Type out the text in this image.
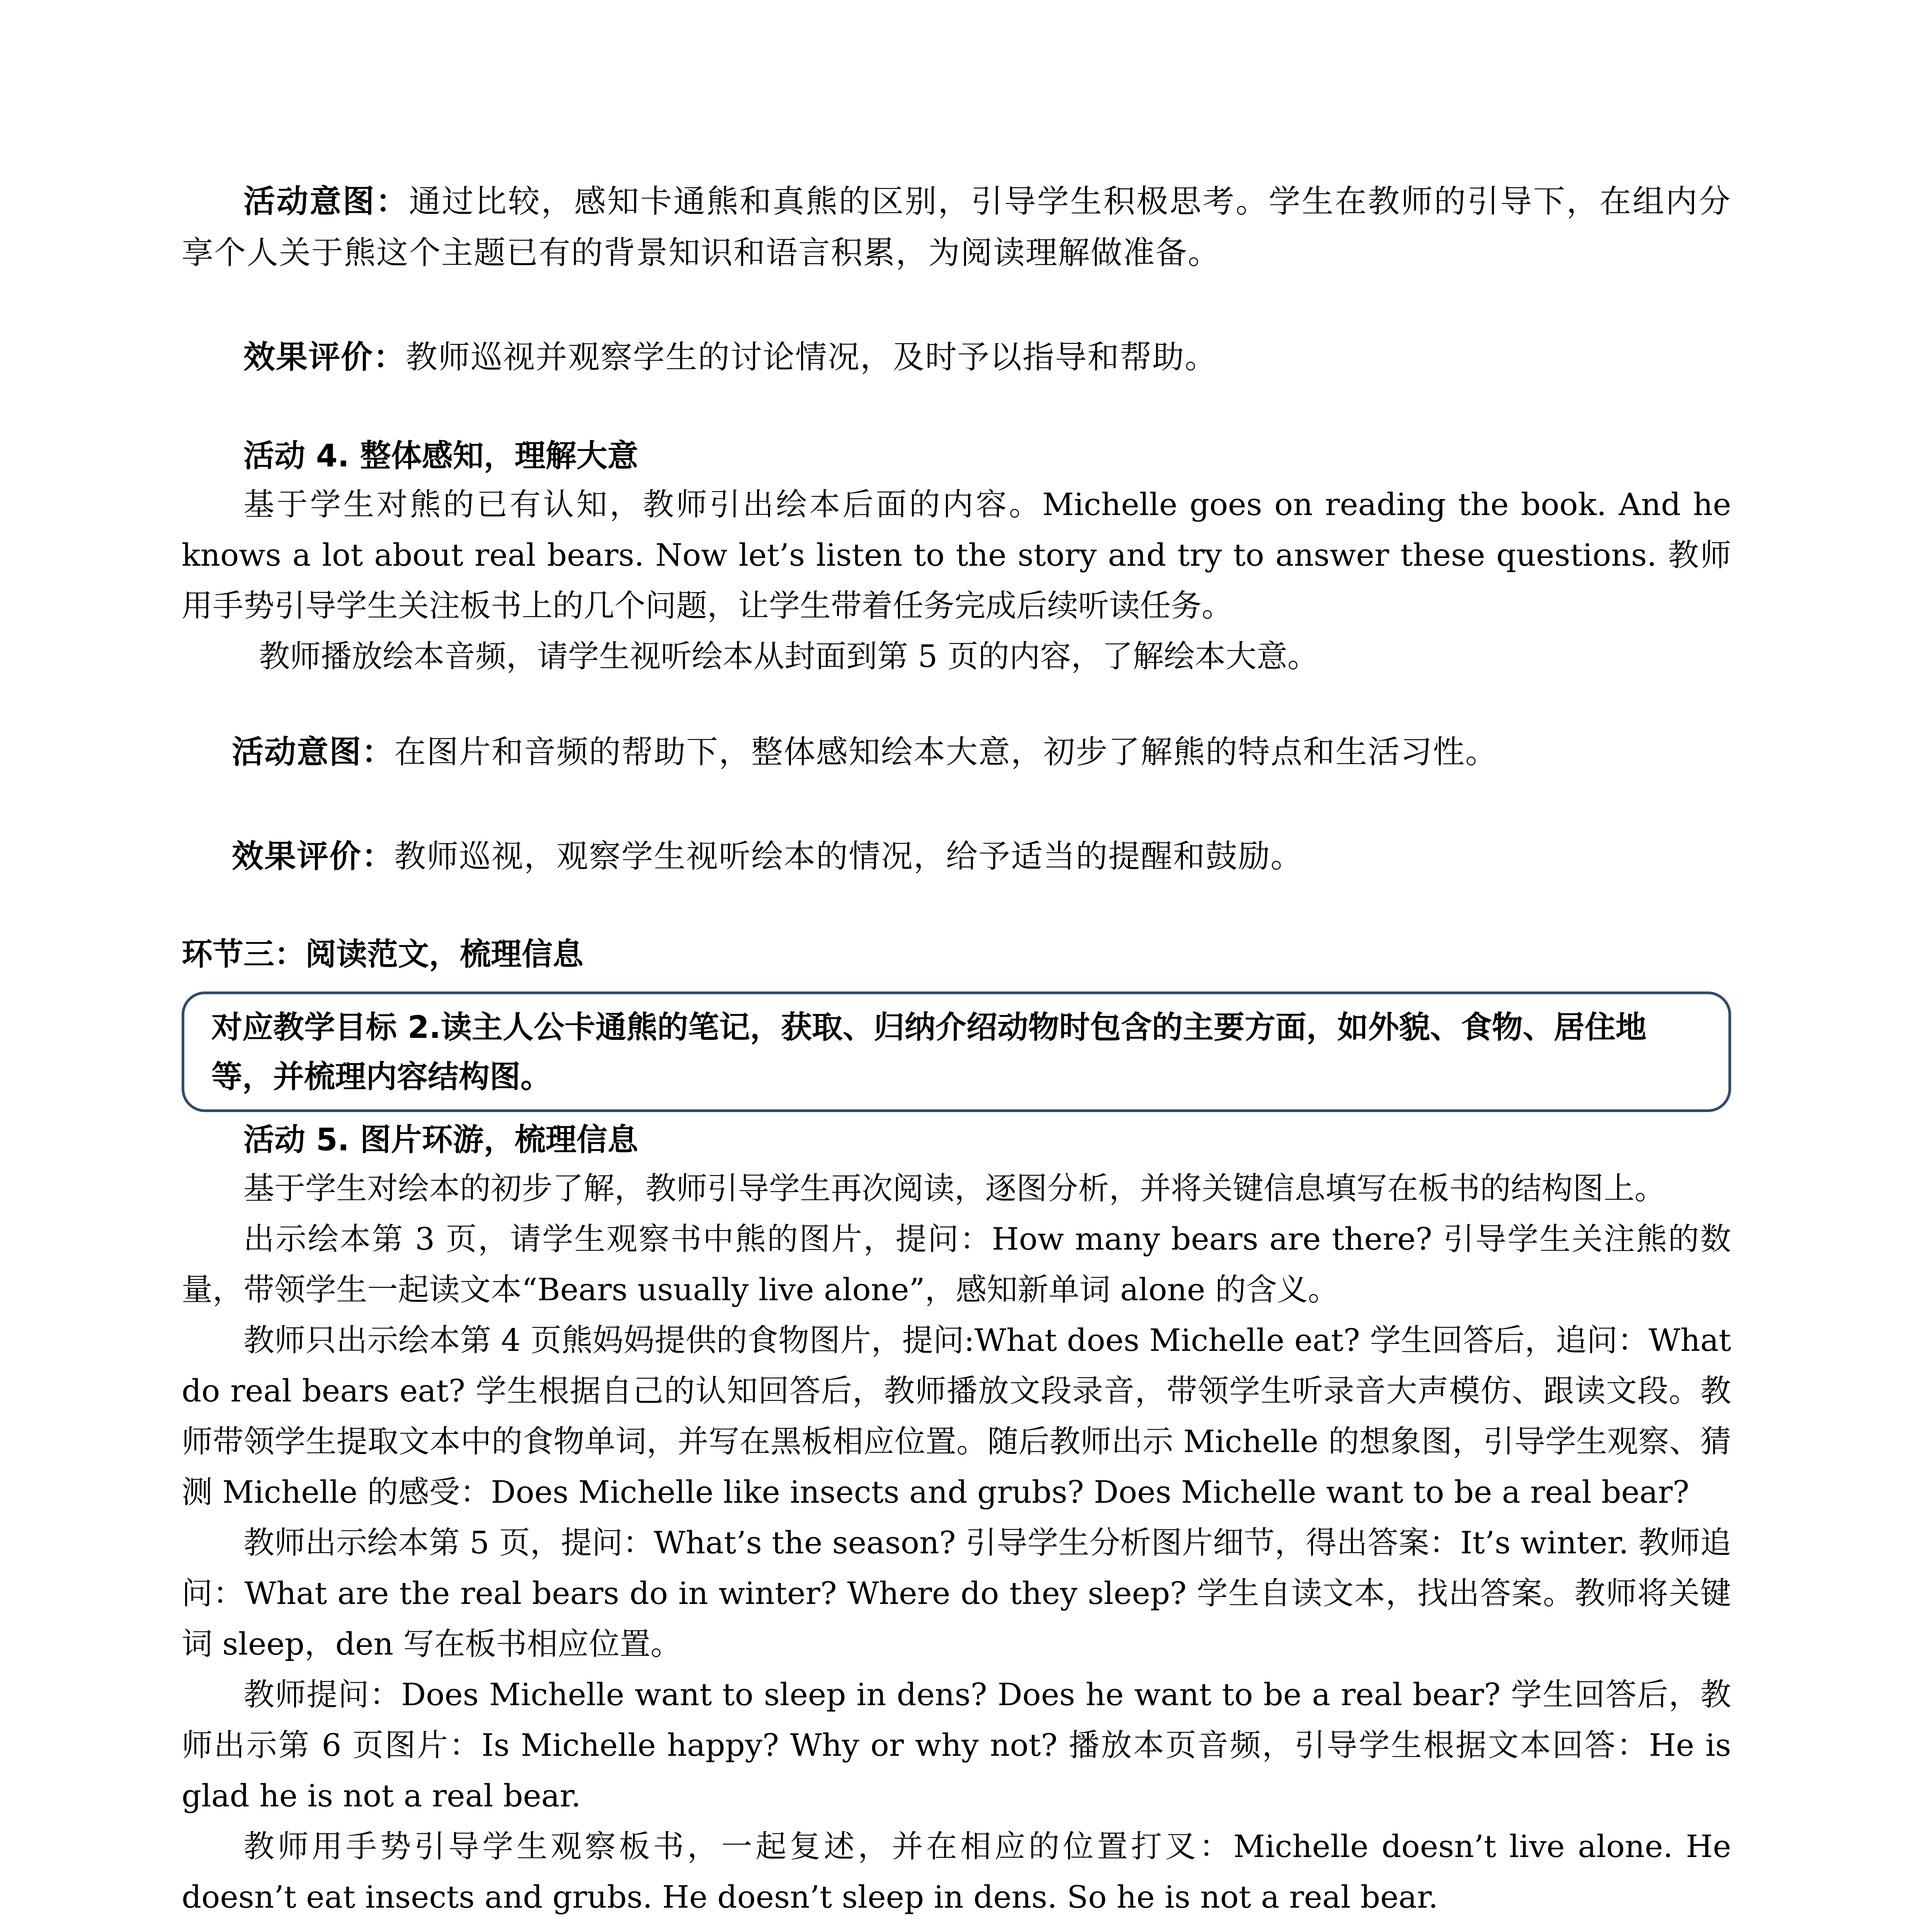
活动意图：通过比较，感知卡通熊和真熊的区别，引导学生积极思考。学生在教师的引导下，在组内分享个人关于熊这个主题已有的背景知识和语言积累，为阅读理解做准备。

效果评价：教师巡视并观察学生的讨论情况，及时予以指导和帮助。

活动 4. 整体感知，理解大意

基于学生对熊的已有认知，教师引出绘本后面的内容。Michelle goes on reading the book. And he knows a lot about real bears. Now let’s listen to the story and try to answer these questions. 教师用手势引导学生关注板书上的几个问题，让学生带着任务完成后续听读任务。

教师播放绘本音频，请学生视听绘本从封面到第 5 页的内容，了解绘本大意。

活动意图：在图片和音频的帮助下，整体感知绘本大意，初步了解熊的特点和生活习性。

效果评价：教师巡视，观察学生视听绘本的情况，给予适当的提醒和鼓励。

环节三：阅读范文，梳理信息

对应教学目标 2.读主人公卡通熊的笔记，获取、归纳介绍动物时包含的主要方面，如外貌、食物、居住地等，并梳理内容结构图。

活动 5. 图片环游，梳理信息

基于学生对绘本的初步了解，教师引导学生再次阅读，逐图分析，并将关键信息填写在板书的结构图上。

出示绘本第 3 页，请学生观察书中熊的图片，提问：How many bears are there? 引导学生关注熊的数量，带领学生一起读文本“Bears usually live alone”，感知新单词 alone 的含义。

教师只出示绘本第 4 页熊妈妈提供的食物图片，提问:What does Michelle eat? 学生回答后，追问：What do real bears eat? 学生根据自己的认知回答后，教师播放文段录音，带领学生听录音大声模仿、跟读文段。教师带领学生提取文本中的食物单词，并写在黑板相应位置。随后教师出示 Michelle 的想象图，引导学生观察、猜测 Michelle 的感受：Does Michelle like insects and grubs? Does Michelle want to be a real bear?

教师出示绘本第 5 页，提问：What’s the season? 引导学生分析图片细节，得出答案：It’s winter. 教师追问：What are the real bears do in winter? Where do they sleep? 学生自读文本，找出答案。教师将关键词 sleep，den 写在板书相应位置。

教师提问：Does Michelle want to sleep in dens? Does he want to be a real bear? 学生回答后，教师出示第 6 页图片：Is Michelle happy? Why or why not? 播放本页音频，引导学生根据文本回答：He is glad he is not a real bear.

教师用手势引导学生观察板书，一起复述，并在相应的位置打叉：Michelle doesn’t live alone. He doesn’t eat insects and grubs. He doesn’t sleep in dens. So he is not a real bear.
